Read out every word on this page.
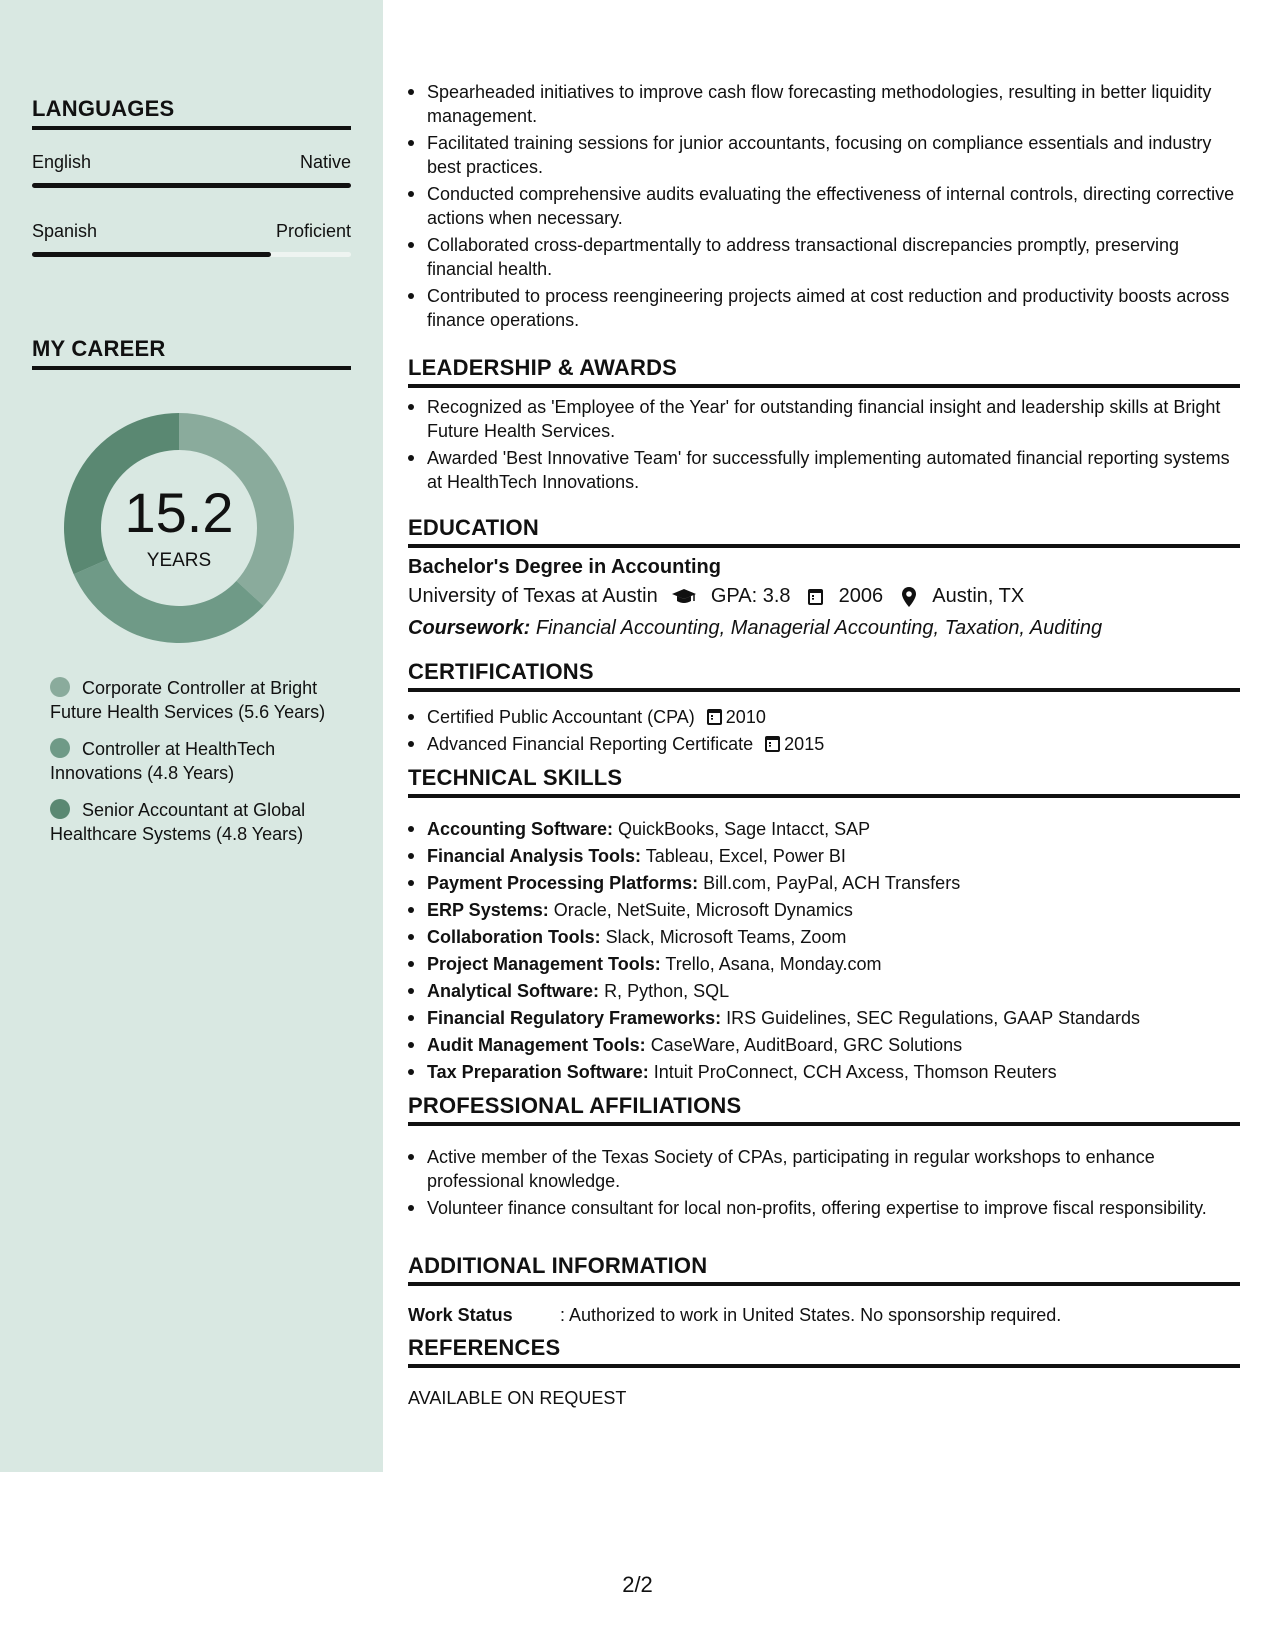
LANGUAGES
English	Native
Spanish	Proficient
MY CAREER
15.2
YEARS
Corporate Controller at Bright Future Health Services (5.6 Years)
Controller at HealthTech Innovations (4.8 Years)
Senior Accountant at Global Healthcare Systems (4.8 Years)
Spearheaded initiatives to improve cash flow forecasting methodologies, resulting in better liquidity management.
Facilitated training sessions for junior accountants, focusing on compliance essentials and industry best practices.
Conducted comprehensive audits evaluating the effectiveness of internal controls, directing corrective actions when necessary.
Collaborated cross-departmentally to address transactional discrepancies promptly, preserving financial health.
Contributed to process reengineering projects aimed at cost reduction and productivity boosts across finance operations.
LEADERSHIP & AWARDS
Recognized as 'Employee of the Year' for outstanding financial insight and leadership skills at Bright Future Health Services.
Awarded 'Best Innovative Team' for successfully implementing automated financial reporting systems at HealthTech Innovations.
EDUCATION
Bachelor's Degree in Accounting
University of Texas at Austin	GPA: 3.8 2006 Austin, TX
Coursework: Financial Accounting, Managerial Accounting, Taxation, Auditing
CERTIFICATIONS
Certified Public Accountant (CPA) 2010
Advanced Financial Reporting Certificate 2015
TECHNICAL SKILLS
Accounting Software: QuickBooks, Sage Intacct, SAP
Financial Analysis Tools: Tableau, Excel, Power BI
Payment Processing Platforms: Bill.com, PayPal, ACH Transfers
ERP Systems: Oracle, NetSuite, Microsoft Dynamics
Collaboration Tools: Slack, Microsoft Teams, Zoom
Project Management Tools: Trello, Asana, Monday.com
Analytical Software: R, Python, SQL
Financial Regulatory Frameworks: IRS Guidelines, SEC Regulations, GAAP Standards
Audit Management Tools: CaseWare, AuditBoard, GRC Solutions
Tax Preparation Software: Intuit ProConnect, CCH Axcess, Thomson Reuters
PROFESSIONAL AFFILIATIONS
Active member of the Texas Society of CPAs, participating in regular workshops to enhance professional knowledge.
Volunteer finance consultant for local non-profits, offering expertise to improve fiscal responsibility.
ADDITIONAL INFORMATION
Work Status	: Authorized to work in United States. No sponsorship required.
REFERENCES
AVAILABLE ON REQUEST
2/2
